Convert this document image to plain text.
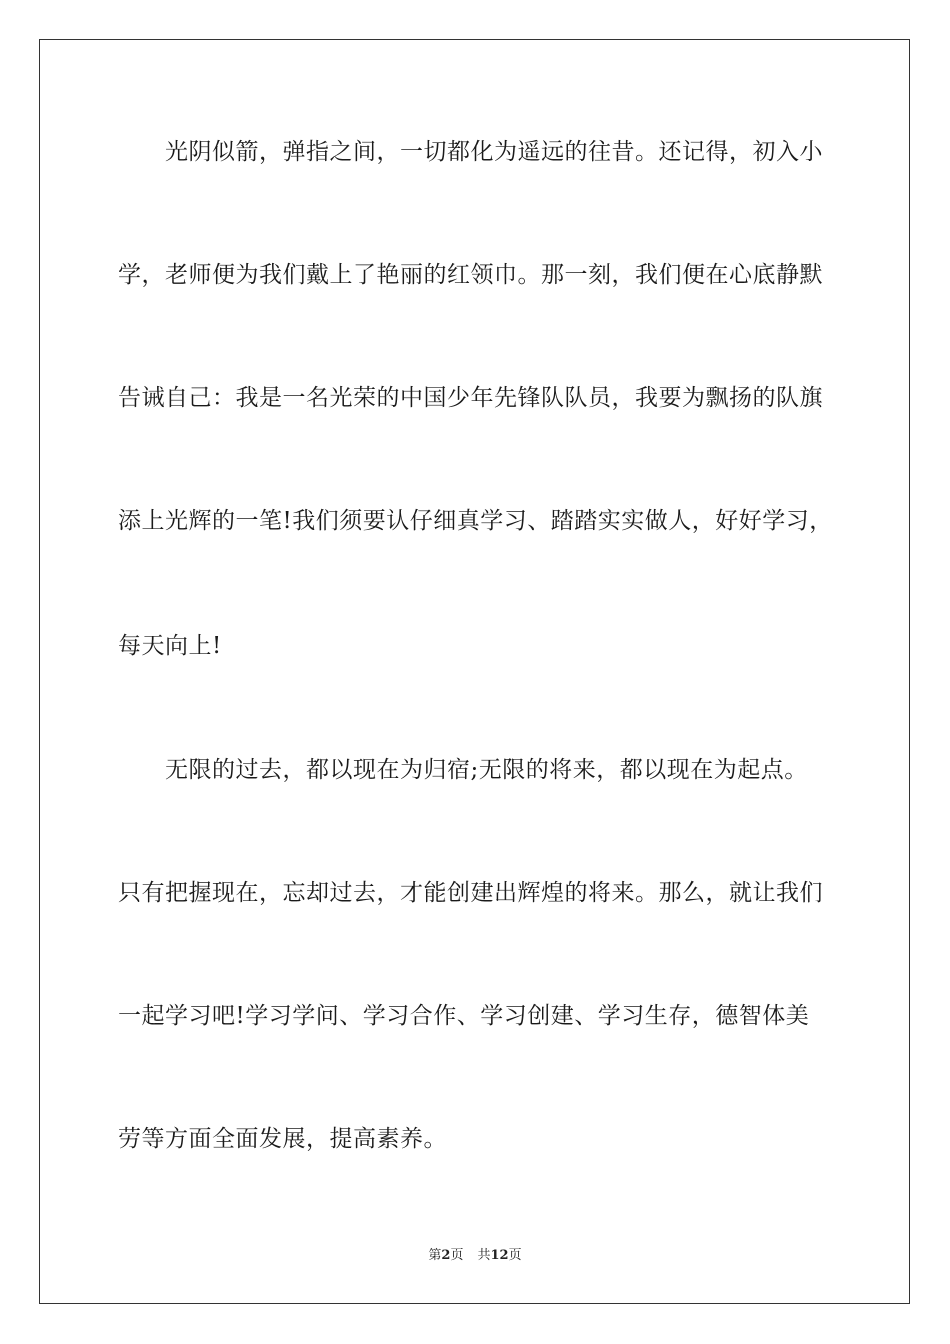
光阴似箭，弹指之间，一切都化为遥远的往昔。还记得，初入小
学，老师便为我们戴上了艳丽的红领巾。那一刻，我们便在心底静默
告诫自己：我是一名光荣的中国少年先锋队队员，我要为飘扬的队旗
添上光辉的一笔!我们须要认仔细真学习、踏踏实实做人，好好学习，
每天向上!
无限的过去，都以现在为归宿;无限的将来，都以现在为起点。
只有把握现在，忘却过去，才能创建出辉煌的将来。那么，就让我们
一起学习吧!学习学问、学习合作、学习创建、学习生存，德智体美
劳等方面全面发展，提高素养。
第2页 共12页
